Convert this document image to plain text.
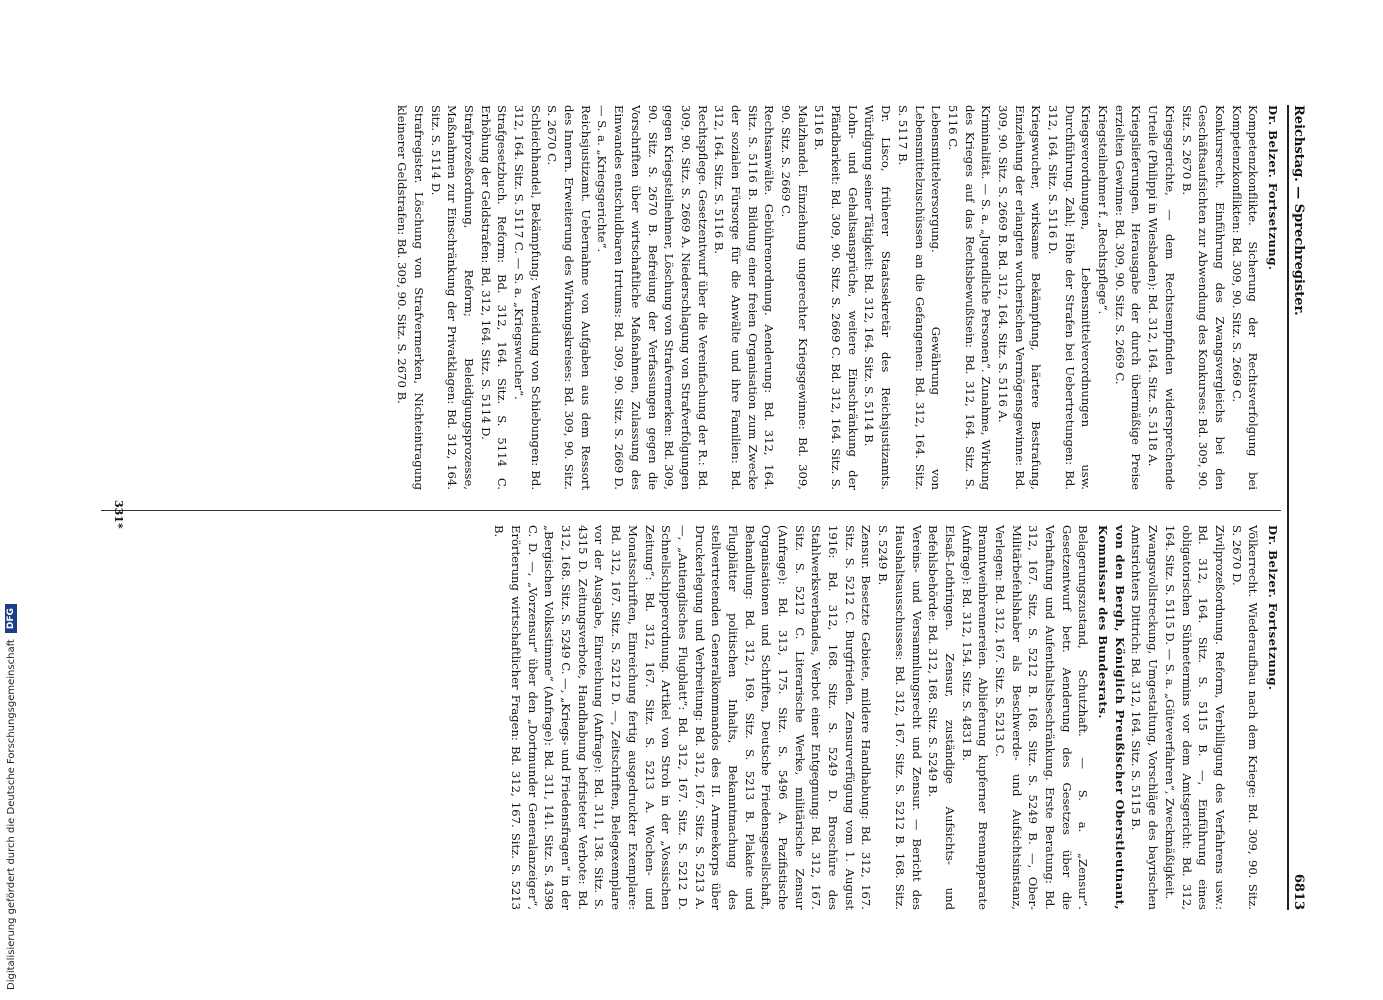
Reichstag. — Sprechregister.
6813
Dr. Belzer. Fortsetzung.

Kompetenzkonflikte. Sicherung der Rechtsverfolgung bei Kompetenzkonflikten: Bd. 309, 90. Sitz. S. 2669 C.

Konkursrecht. Einführung des Zwangsvergleichs bei den Geschäftsaufsichten zur Abwendung des Konkurses: Bd. 309, 90. Sitz. S. 2670 B.

Kriegsgerichte, — dem Rechtsempfinden widersprechende Urteile (Philippi in Wiesbaden): Bd. 312, 164. Sitz. S. 5118 A.

Kriegslieferungen. Herausgabe der durch übermäßige Preise erzielten Gewinne: Bd. 309, 90. Sitz. S. 2669 C.

Kriegsteilnehmer f. „Rechtspflege“.

Kriegsverordnungen, Lebensmittelverordnungen usw. Durchführung. Zahl; Höhe der Strafen bei Uebertretungen: Bd. 312, 164. Sitz. S. 5116 D.

Kriegswucher, wirksame Bekämpfung, härtere Bestrafung, Einziehung der erlangten wucherischen Vermögensgewinne: Bd. 309, 90. Sitz. S. 2669 B. Bd. 312, 164. Sitz. S. 5116 A.

Kriminalität. — S. a. „Jugendliche Personen“. Zunahme, Wirkung des Krieges auf das Rechtsbewußtsein: Bd. 312, 164. Sitz. S. 5116 C.

Lebensmittelversorgung. Gewährung von Lebensmittelzuschüssen an die Gefangenen: Bd. 312, 164. Sitz. S. 5117 B.

Dr. Lisco, früherer Staatssekretär des Reichsjustizamts. Würdigung seiner Tätigkeit: Bd. 312, 164. Sitz. S. 5114 B.

Lohn- und Gehaltsansprüche, weitere Einschränkung der Pfändbarkeit: Bd. 309, 90. Sitz. S. 2669 C. Bd. 312, 164. Sitz. S. 5116 B.

Malzhandel. Einziehung ungerechter Kriegsgewinne: Bd. 309, 90. Sitz. S. 2669 C.

Rechtsanwälte. Gebührenordnung. Aenderung: Bd. 312, 164. Sitz. S. 5116 B. Bildung einer freien Organisation zum Zwecke der sozialen Fürsorge für die Anwälte und ihre Familien: Bd. 312, 164. Sitz. S. 5116 B.

Rechtspflege. Gesetzentwurf über die Vereinfachung der R.: Bd. 309, 90. Sitz. S. 2669 A. Niederschlagung von Strafverfolgungen gegen Kriegsteilnehmer, Löschung von Strafvermerken: Bd. 309, 90. Sitz. S. 2670 B. Befreiung der Verfassungen gegen die Vorschriften über wirtschaftliche Maßnahmen, Zulassung des Einwandes entschuldbaren Irrtums: Bd. 309, 90. Sitz. S. 2669 D. — S. a. „Kriegsgerichte“.

Reichsjustizamt. Uebernahme von Aufgaben aus dem Ressort des Innern. Erweiterung des Wirkungskreises: Bd. 309, 90. Sitz. S. 2670 C.

Schleichhandel, Bekämpfung; Vermeidung von Schiebungen: Bd. 312, 164. Sitz. S. 5117 C. — S. a. „Kriegswucher“.

Strafgesetzbuch. Reform: Bd. 312, 164. Sitz. S. 5114 C. Erhöhung der Geldstrafen: Bd. 312, 164. Sitz. S. 5114 D.

Strafprozeßordnung, Reform; Beleidigungsprozesse, Maßnahmen zur Einschränkung der Privatklagen: Bd. 312, 164. Sitz. S. 5114 D.

Strafregister. Löschung von Strafvermerken, Nichteintragung kleinerer Geldstrafen: Bd. 309, 90. Sitz. S. 2670 B.

Dr. Belzer. Fortsetzung.

Völkerrecht. Wiederaufbau nach dem Kriege: Bd. 309, 90. Sitz. S. 2670 D.

Zivilprozeßordnung. Reform, Verbilligung des Verfahrens usw.: Bd. 312, 164. Sitz. S. 5115 B. —, Einführung eines obligatorischen Sühnetermins vor dem Amtsgericht: Bd. 312, 164. Sitz. S. 5115 D. — S. a. „Güteverfahren“, Zweckmäßigkeit.

Zwangsvollstreckung, Umgestaltung, Vorschläge des bayrischen Amtsrichters Dittrich: Bd. 312, 164. Sitz. S. 5115 B.

von den Bergh, Königlich Preußischer Oberstleutnant, Kommissar des Bundesrats.

Belagerungszustand, Schutzhaft. — S. a. „Zensur“. Gesetzentwurf betr. Aenderung des Gesetzes über die Verhaftung und Aufenthaltsbeschränkung. Erste Beratung: Bd. 312, 167. Sitz. S. 5212 B. 168. Sitz. S. 5249 B. —, Ober-Militärbefehlshaber als Beschwerde- und Aufsichtsinstanz, Verlegen: Bd. 312, 167. Sitz. S. 5213 C.

Branntweinbrennereien. Ablieferung kupferner Brennapparate (Anfrage): Bd. 312, 154. Sitz. S. 4831 B.

Elsaß-Lothringen. Zensur, zuständige Aufsichts- und Befehlsbehörde: Bd. 312, 168. Sitz. S. 5249 B.

Vereins- und Versammlungsrecht und Zensur. — Bericht des Haushaltsausschusses: Bd. 312, 167. Sitz. S. 5212 B. 168. Sitz. S. 5249 B.

Zensur. Besetzte Gebiete, mildere Handhabung: Bd. 312, 167. Sitz. S. 5212 C. Burgfrieden. Zensurverfügung vom 1. August 1916: Bd. 312, 168. Sitz. S. 5249 D. Broschüre des Stahlwerksverbandes, Verbot einer Entgegnung: Bd. 312, 167. Sitz. S. 5212 C. Literarische Werke, militärische Zensur (Anfrage): Bd. 313, 175. Sitz. S. 5496 A. Pazifistische Organisationen und Schriften, Deutsche Friedensgesellschaft, Behandlung: Bd. 312, 169. Sitz. S. 5213 B. Plakate und Flugblätter politischen Inhalts, Bekanntmachung des stellvertretenden Generalkommandos des II. Armeekorps über Druckerlegung und Verbreitung: Bd. 312, 167. Sitz. S. 5213 A. —, „Antienglisches Flugblatt“: Bd. 312, 167. Sitz. S. 5212 D. Schnellschipperordnung. Artikel von Stroh in der „Vossischen Zeitung“: Bd. 312, 167. Sitz. S. 5213 A. Wochen- und Monatsschriften, Einreichung fertig ausgedruckter Exemplare: Bd. 312, 167. Sitz. S. 5212 D. —, Zeitschriften, Belegexemplare vor der Ausgabe, Einreichung (Anfrage): Bd. 311, 138. Sitz. S. 4315 D. Zeitungsverbote, Handhabung befristeter Verbote: Bd. 312, 168. Sitz. S. 5249 C. —, „Kriegs- und Friedensfragen“ in der „Bergischen Volksstimme“ (Anfrage): Bd. 311, 141. Sitz. S. 4398 C. D. —, „Vorzensur“ über den „Dortmunder Generalanzeiger“, Erörterung wirtschaftlicher Fragen: Bd. 312, 167. Sitz. S. 5213 B.

331*
Digitalisierung gefördert durch die Deutsche Forschungsgemeinschaft
DFG
